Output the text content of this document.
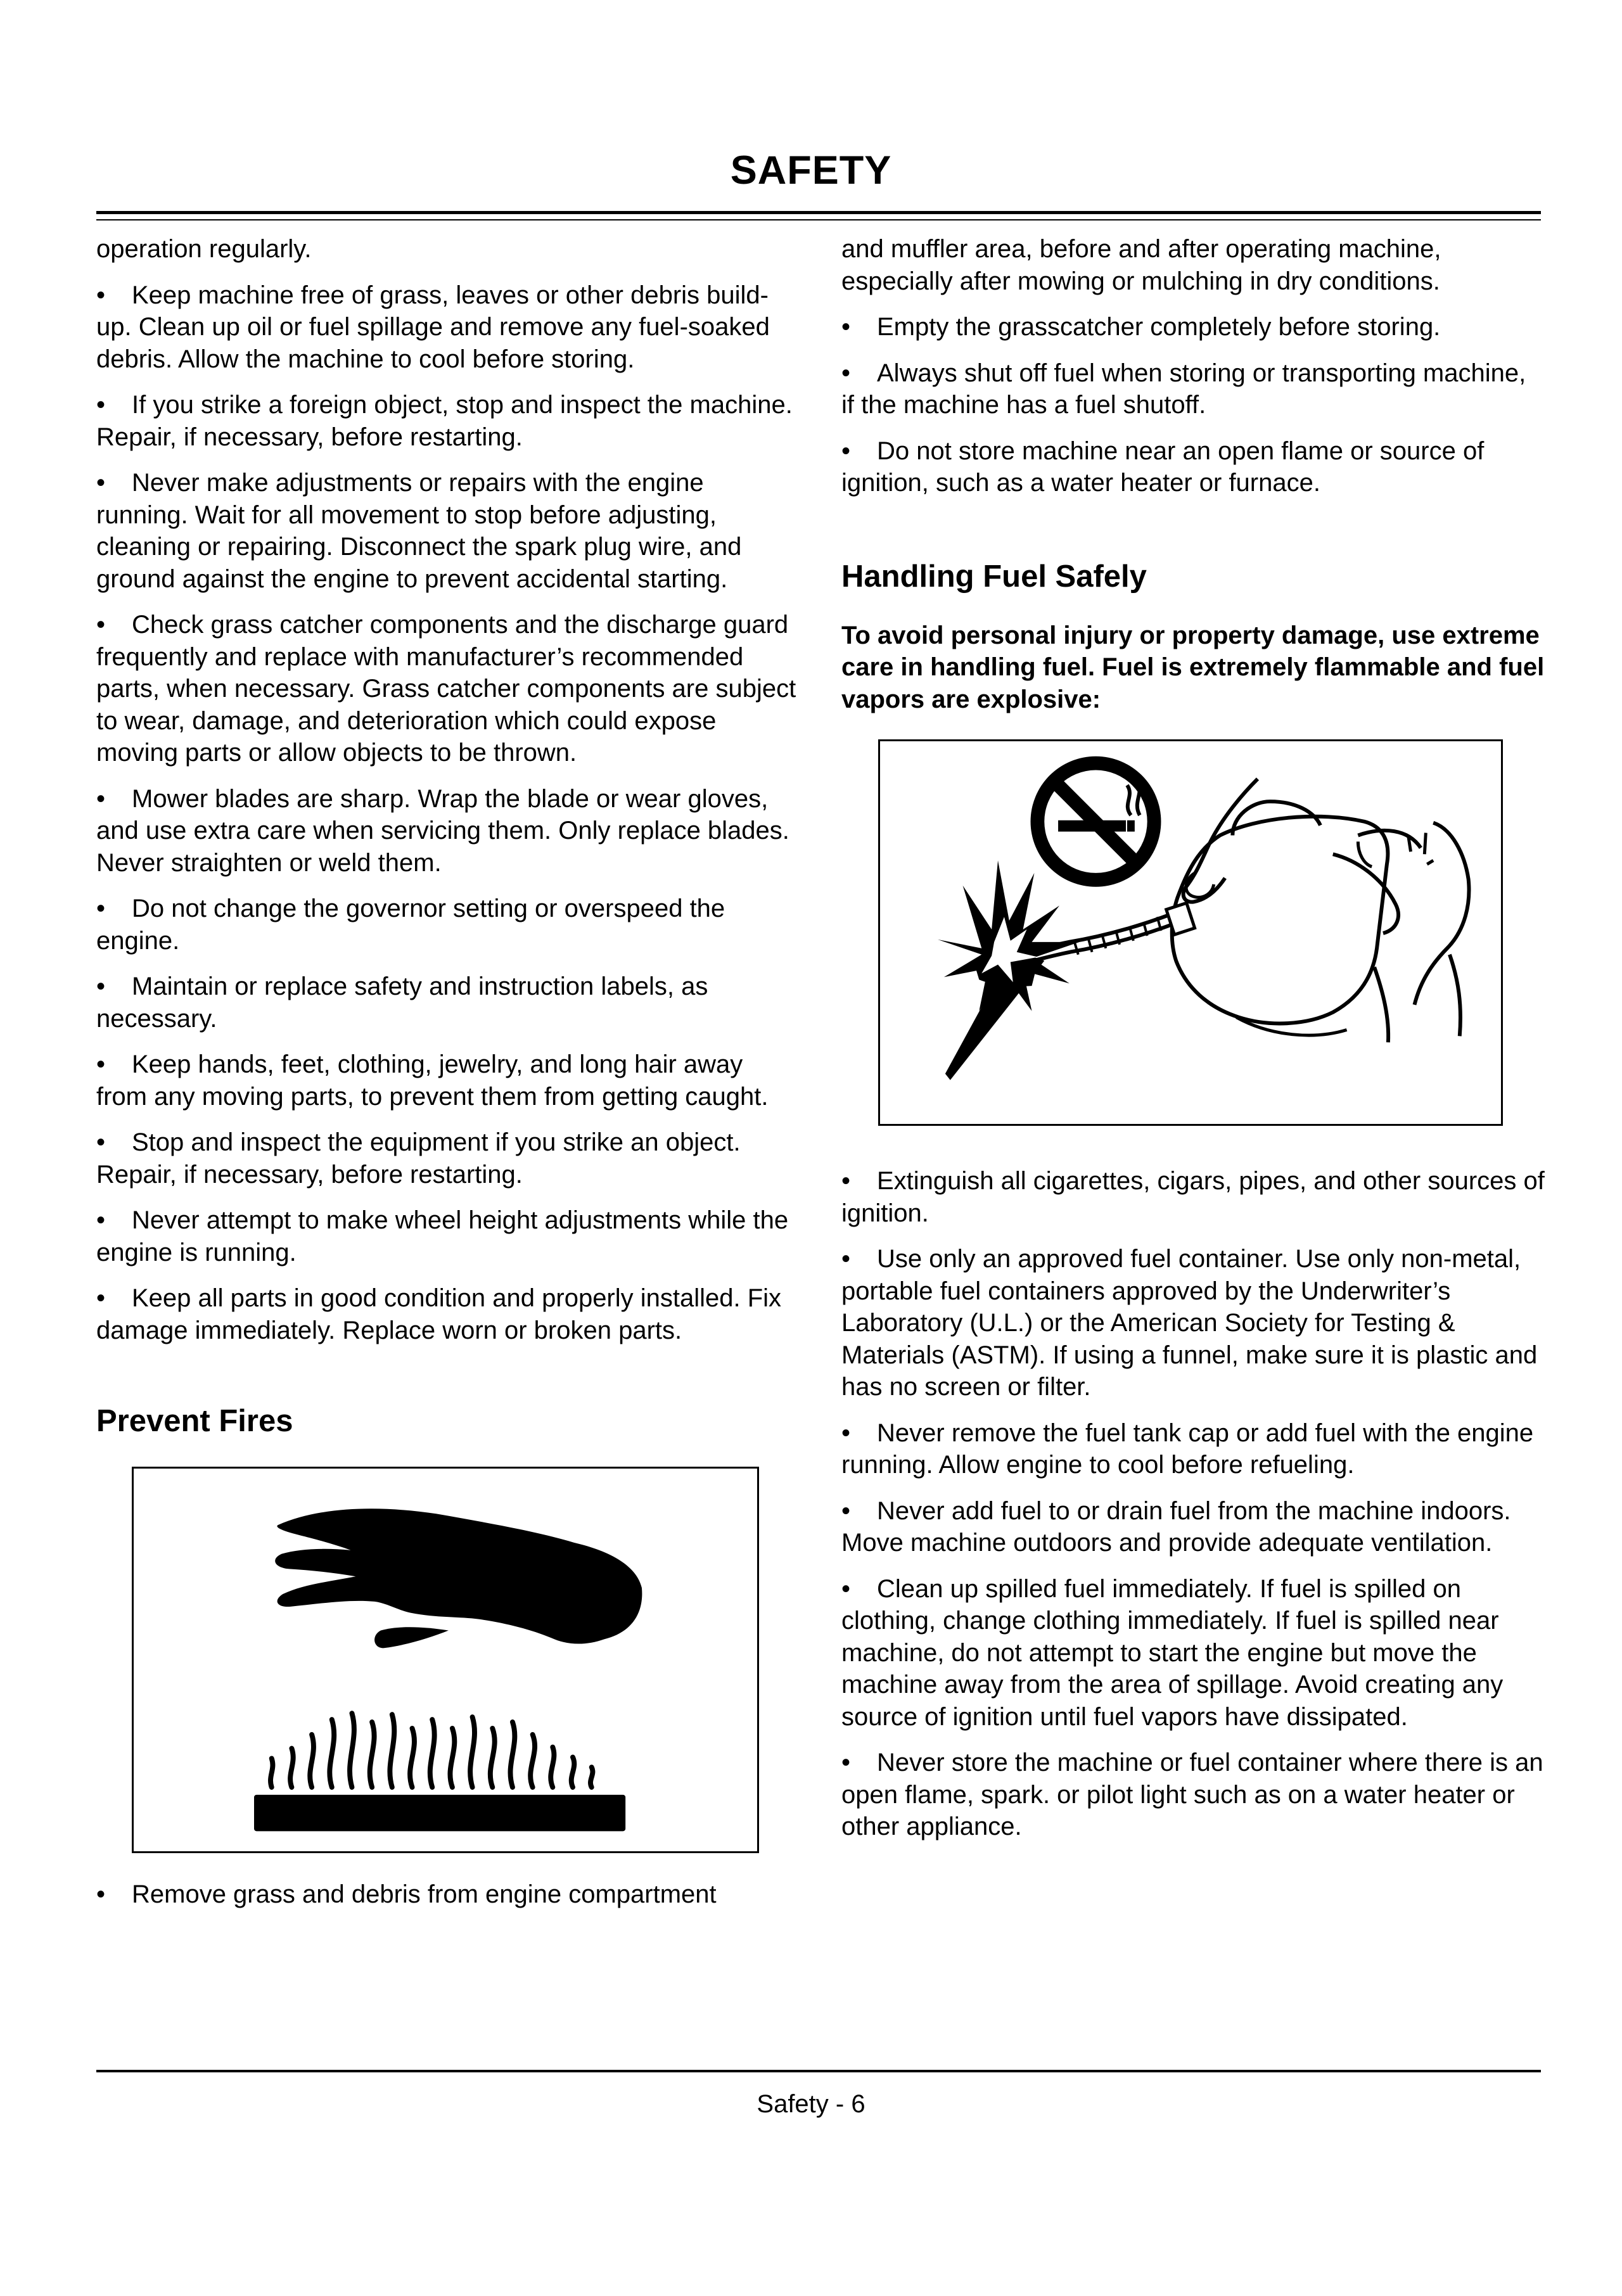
SAFETY

operation regularly.

• Keep machine free of grass, leaves or other debris build-up. Clean up oil or fuel spillage and remove any fuel-soaked debris. Allow the machine to cool before storing.

• If you strike a foreign object, stop and inspect the machine. Repair, if necessary, before restarting.

• Never make adjustments or repairs with the engine running. Wait for all movement to stop before adjusting, cleaning or repairing. Disconnect the spark plug wire, and ground against the engine to prevent accidental starting.

• Check grass catcher components and the discharge guard frequently and replace with manufacturer’s recommended parts, when necessary. Grass catcher components are subject to wear, damage, and deterioration which could expose moving parts or allow objects to be thrown.

• Mower blades are sharp. Wrap the blade or wear gloves, and use extra care when servicing them. Only replace blades. Never straighten or weld them.

• Do not change the governor setting or overspeed the engine.

• Maintain or replace safety and instruction labels, as necessary.

• Keep hands, feet, clothing, jewelry, and long hair away from any moving parts, to prevent them from getting caught.

• Stop and inspect the equipment if you strike an object. Repair, if necessary, before restarting.

• Never attempt to make wheel height adjustments while the engine is running.

• Keep all parts in good condition and properly installed. Fix damage immediately. Replace worn or broken parts.

Prevent Fires

• Remove grass and debris from engine compartment

and muffler area, before and after operating machine, especially after mowing or mulching in dry conditions.

• Empty the grasscatcher completely before storing.

• Always shut off fuel when storing or transporting machine, if the machine has a fuel shutoff.

• Do not store machine near an open flame or source of ignition, such as a water heater or furnace.

Handling Fuel Safely

To avoid personal injury or property damage, use extreme care in handling fuel. Fuel is extremely flammable and fuel vapors are explosive:

• Extinguish all cigarettes, cigars, pipes, and other sources of ignition.

• Use only an approved fuel container. Use only non-metal, portable fuel containers approved by the Underwriter’s Laboratory (U.L.) or the American Society for Testing & Materials (ASTM). If using a funnel, make sure it is plastic and has no screen or filter.

• Never remove the fuel tank cap or add fuel with the engine running. Allow engine to cool before refueling.

• Never add fuel to or drain fuel from the machine indoors. Move machine outdoors and provide adequate ventilation.

• Clean up spilled fuel immediately. If fuel is spilled on clothing, change clothing immediately. If fuel is spilled near machine, do not attempt to start the engine but move the machine away from the area of spillage. Avoid creating any source of ignition until fuel vapors have dissipated.

• Never store the machine or fuel container where there is an open flame, spark. or pilot light such as on a water heater or other appliance.

Safety - 6
